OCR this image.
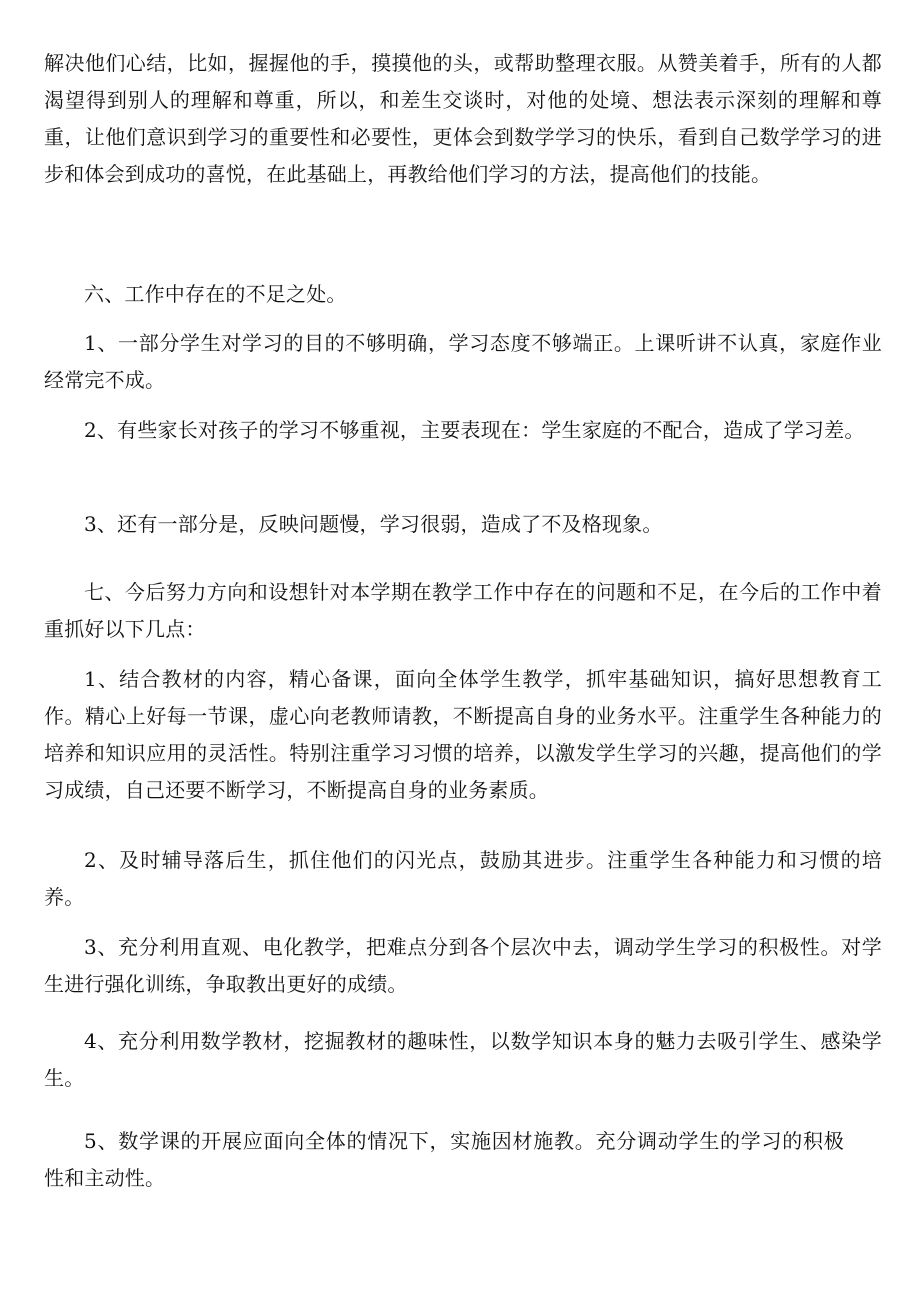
解决他们心结，比如，握握他的手，摸摸他的头，或帮助整理衣服。从赞美着手，所有的人都渴望得到别人的理解和尊重，所以，和差生交谈时，对他的处境、想法表示深刻的理解和尊重，让他们意识到学习的重要性和必要性，更体会到数学学习的快乐，看到自己数学学习的进步和体会到成功的喜悦，在此基础上，再教给他们学习的方法，提高他们的技能。

六、工作中存在的不足之处。

1、一部分学生对学习的目的不够明确，学习态度不够端正。上课听讲不认真，家庭作业经常完不成。

2、有些家长对孩子的学习不够重视，主要表现在：学生家庭的不配合，造成了学习差。

3、还有一部分是，反映问题慢，学习很弱，造成了不及格现象。

七、今后努力方向和设想针对本学期在教学工作中存在的问题和不足，在今后的工作中着重抓好以下几点：

1、结合教材的内容，精心备课，面向全体学生教学，抓牢基础知识，搞好思想教育工作。精心上好每一节课，虚心向老教师请教，不断提高自身的业务水平。注重学生各种能力的培养和知识应用的灵活性。特别注重学习习惯的培养，以激发学生学习的兴趣，提高他们的学习成绩，自己还要不断学习，不断提高自身的业务素质。

2、及时辅导落后生，抓住他们的闪光点，鼓励其进步。注重学生各种能力和习惯的培养。

3、充分利用直观、电化教学，把难点分到各个层次中去，调动学生学习的积极性。对学生进行强化训练，争取教出更好的成绩。

4、充分利用数学教材，挖掘教材的趣味性，以数学知识本身的魅力去吸引学生、感染学生。

5、数学课的开展应面向全体的情况下，实施因材施教。充分调动学生的学习的积极性和主动性。
